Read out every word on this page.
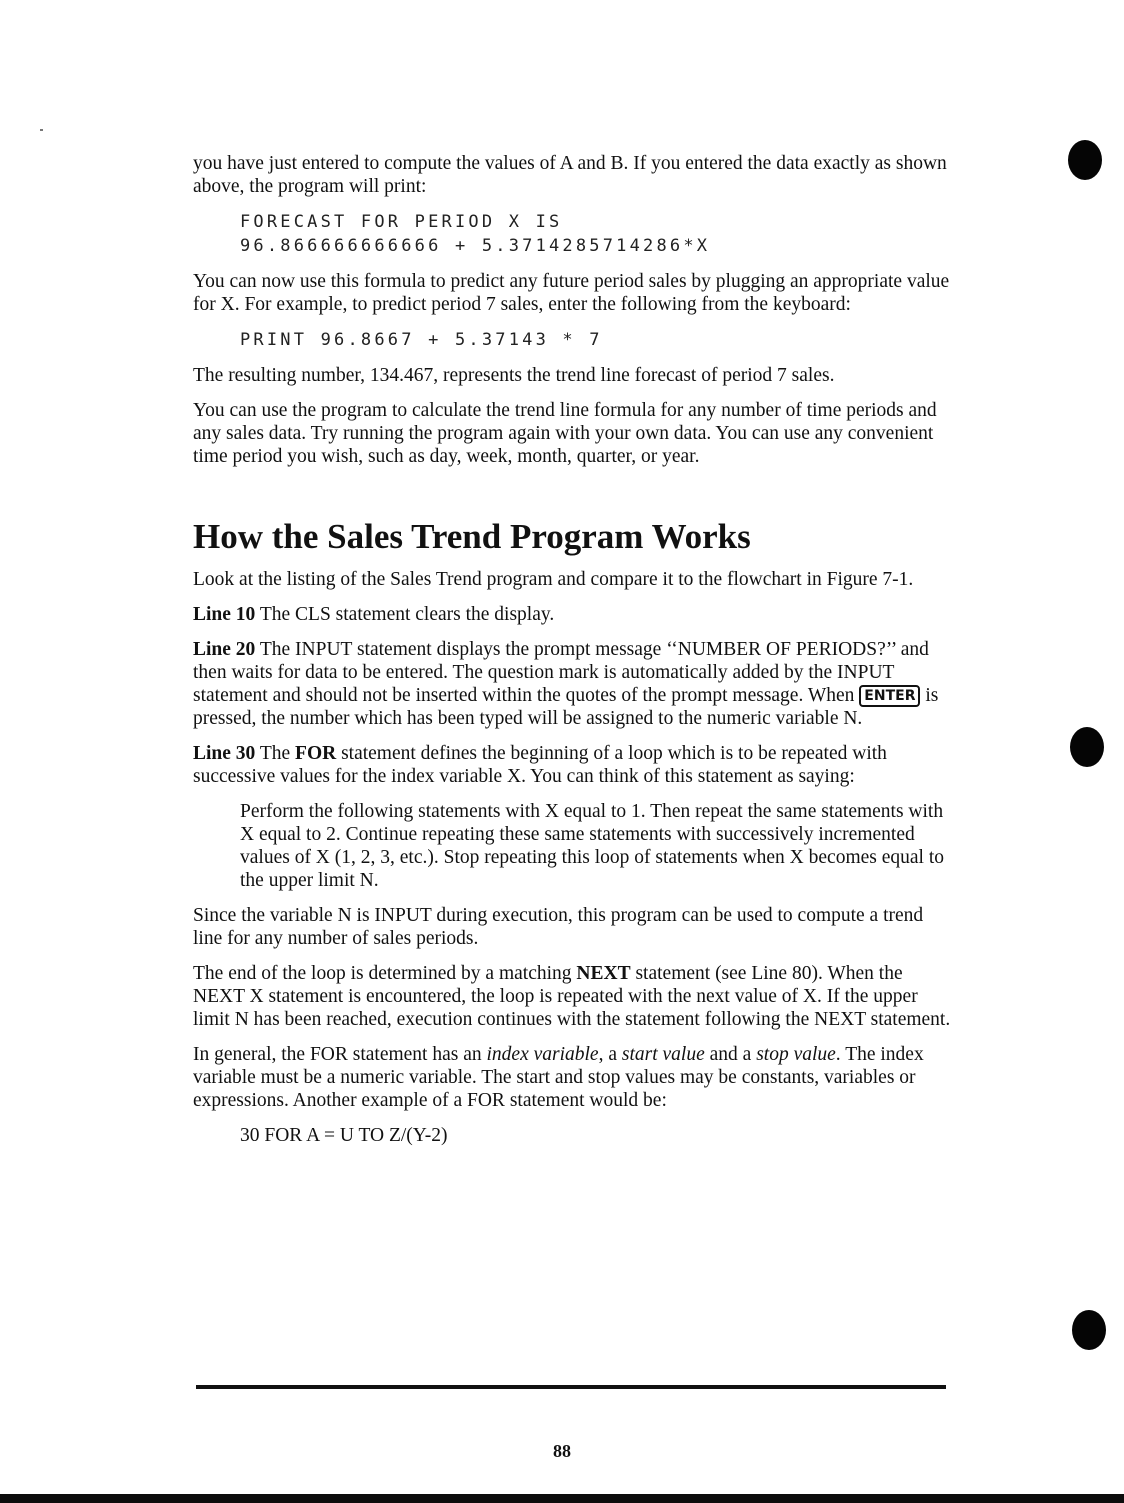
you have just entered to compute the values of A and B. If you entered the data exactly as shown above, the program will print:

FORECAST FOR PERIOD X IS
96.866666666666 + 5.3714285714286*X

You can now use this formula to predict any future period sales by plugging an appropriate value for X. For example, to predict period 7 sales, enter the following from the keyboard:

PRINT 96.8667 + 5.37143 * 7

The resulting number, 134.467, represents the trend line forecast of period 7 sales.

You can use the program to calculate the trend line formula for any number of time periods and any sales data. Try running the program again with your own data. You can use any convenient time period you wish, such as day, week, month, quarter, or year.

How the Sales Trend Program Works

Look at the listing of the Sales Trend program and compare it to the flowchart in Figure 7-1.

Line 10 The CLS statement clears the display.

Line 20 The INPUT statement displays the prompt message ‘‘NUMBER OF PERIODS?’’ and then waits for data to be entered. The question mark is automatically added by the INPUT statement and should not be inserted within the quotes of the prompt message. When ENTER is pressed, the number which has been typed will be assigned to the numeric variable N.

Line 30 The FOR statement defines the beginning of a loop which is to be repeated with successive values for the index variable X. You can think of this statement as saying:

Perform the following statements with X equal to 1. Then repeat the same statements with X equal to 2. Continue repeating these same statements with successively incremented values of X (1, 2, 3, etc.). Stop repeating this loop of statements when X becomes equal to the upper limit N.

Since the variable N is INPUT during execution, this program can be used to compute a trend line for any number of sales periods.

The end of the loop is determined by a matching NEXT statement (see Line 80). When the NEXT X statement is encountered, the loop is repeated with the next value of X. If the upper limit N has been reached, execution continues with the statement following the NEXT statement.

In general, the FOR statement has an index variable, a start value and a stop value. The index variable must be a numeric variable. The start and stop values may be constants, variables or expressions. Another example of a FOR statement would be:

30 FOR A = U TO Z/(Y-2)

88
